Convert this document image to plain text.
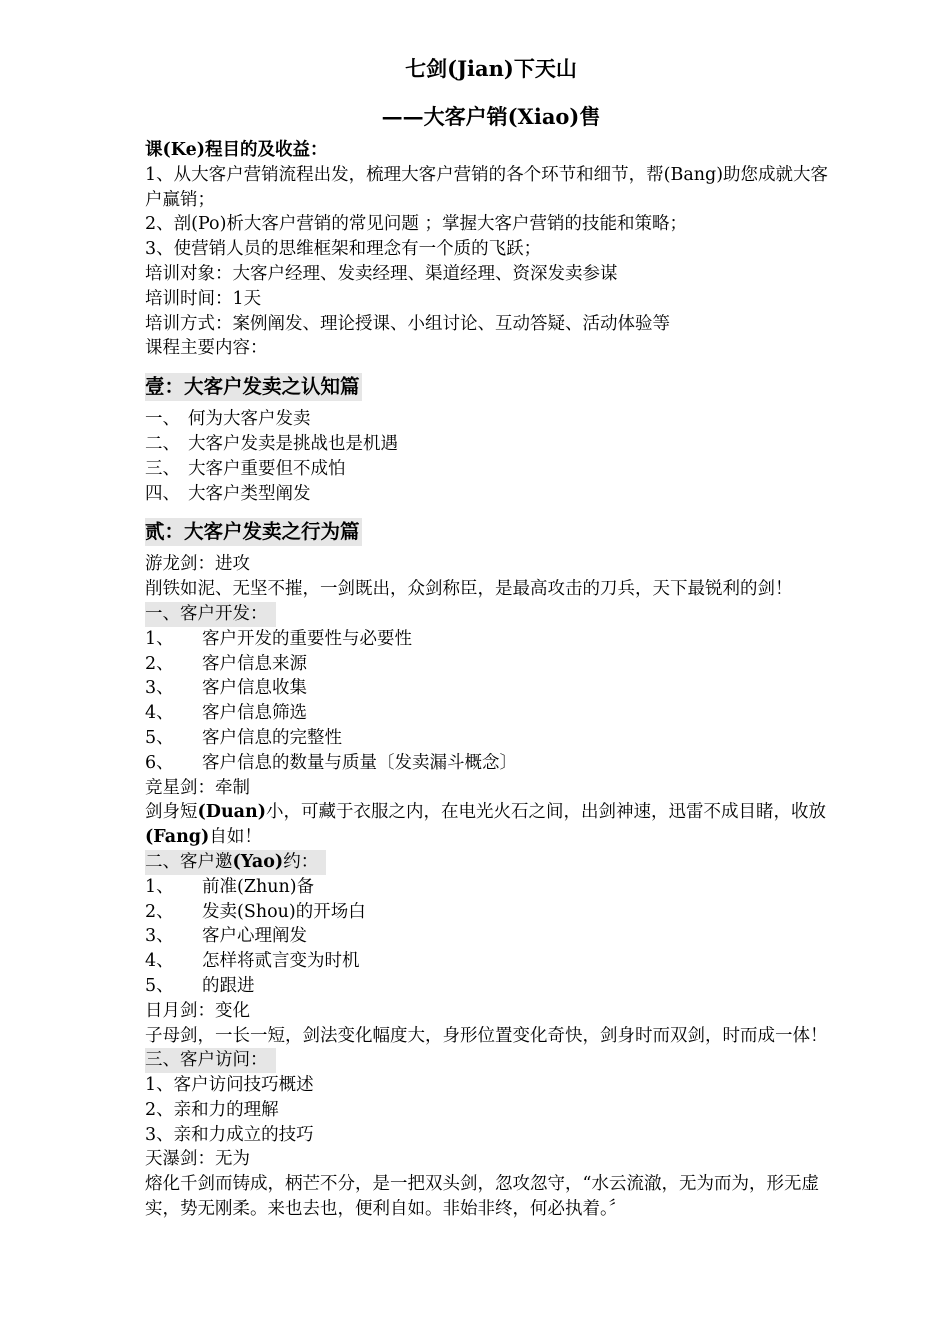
七剑(Jian)下天山
——大客户销(Xiao)售
课(Ke)程目的及收益：
1、从大客户营销流程出发，梳理大客户营销的各个环节和细节，帮(Bang)助您成就大客户赢销；
2、剖(Po)析大客户营销的常见问题 ；掌握大客户营销的技能和策略；
3、使营销人员的思维框架和理念有一个质的飞跃；
培训对象：大客户经理、发卖经理、渠道经理、资深发卖参谋
培训时间：1天
培训方式：案例阐发、理论授课、小组讨论、互动答疑、活动体验等
课程主要内容：
壹：大客户发卖之认知篇
一、 何为大客户发卖
二、 大客户发卖是挑战也是机遇
三、 大客户重要但不成怕
四、 大客户类型阐发
贰：大客户发卖之行为篇
游龙剑：进攻
削铁如泥、无坚不摧，一剑既出，众剑称臣，是最高攻击的刀兵，天下最锐利的剑！
一、客户开发：
1、 客户开发的重要性与必要性
2、 客户信息来源
3、 客户信息收集
4、 客户信息筛选
5、 客户信息的完整性
6、 客户信息的数量与质量〔发卖漏斗概念〕
竞星剑：牵制
剑身短(Duan)小，可藏于衣服之内，在电光火石之间，出剑神速，迅雷不成目睹，收放(Fang)自如！
二、客户邀(Yao)约：
1、 前准(Zhun)备
2、 发卖(Shou)的开场白
3、 客户心理阐发
4、 怎样将贰言变为时机
5、 的跟进
日月剑：变化
子母剑，一长一短，剑法变化幅度大，身形位置变化奇快，剑身时而双剑，时而成一体！
三、客户访问：
1、客户访问技巧概述
2、亲和力的理解
3、亲和力成立的技巧
天瀑剑：无为
熔化千剑而铸成，柄芒不分，是一把双头剑，忽攻忽守，“水云流澈，无为而为，形无虚实，势无刚柔。来也去也，便利自如。非始非终，何必执着。〞
